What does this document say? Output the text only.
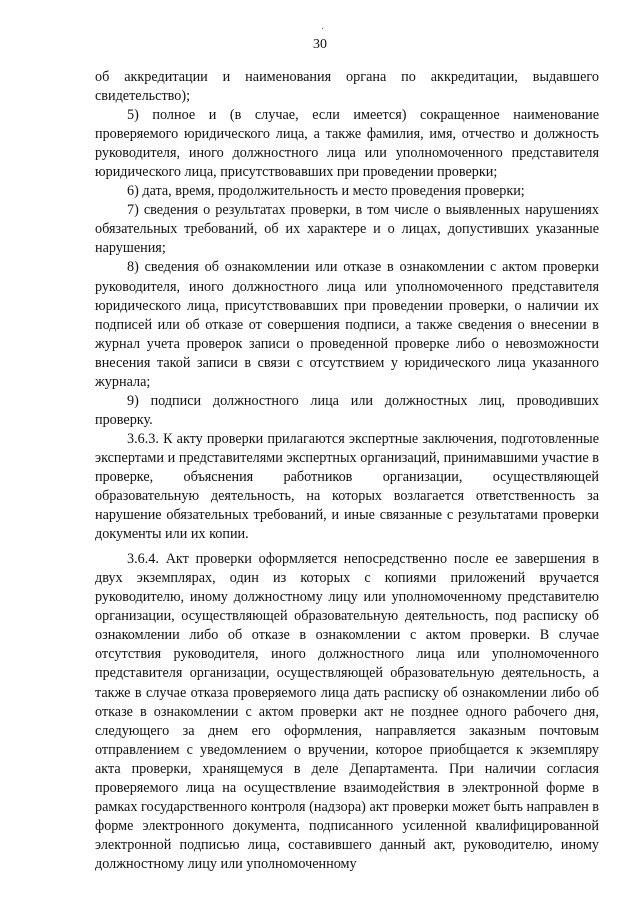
·
30

об аккредитации и наименования органа по аккредитации, выдавшего свидетельство);

5) полное и (в случае, если имеется) сокращенное наименование проверяемого юридического лица, а также фамилия, имя, отчество и должность руководителя, иного должностного лица или уполномоченного представителя юридического лица, присутствовавших при проведении проверки;

6) дата, время, продолжительность и место проведения проверки;

7) сведения о результатах проверки, в том числе о выявленных нарушениях обязательных требований, об их характере и о лицах, допустивших указанные нарушения;

8) сведения об ознакомлении или отказе в ознакомлении с актом проверки руководителя, иного должностного лица или уполномоченного представителя юридического лица, присутствовавших при проведении проверки, о наличии их подписей или об отказе от совершения подписи, а также сведения о внесении в журнал учета проверок записи о проведенной проверке либо о невозможности внесения такой записи в связи с отсутствием у юридического лица указанного журнала;

9) подписи должностного лица или должностных лиц, проводивших проверку.

3.6.3. К акту проверки прилагаются экспертные заключения, подготовленные экспертами и представителями экспертных организаций, принимавшими участие в проверке, объяснения работников организации, осуществляющей образовательную деятельность, на которых возлагается ответственность за нарушение обязательных требований, и иные связанные с результатами проверки документы или их копии.

3.6.4. Акт проверки оформляется непосредственно после ее завершения в двух экземплярах, один из которых с копиями приложений вручается руководителю, иному должностному лицу или уполномоченному представителю организации, осуществляющей образовательную деятельность, под расписку об ознакомлении либо об отказе в ознакомлении с актом проверки. В случае отсутствия руководителя, иного должностного лица или уполномоченного представителя организации, осуществляющей образовательную деятельность, а также в случае отказа проверяемого лица дать расписку об ознакомлении либо об отказе в ознакомлении с актом проверки акт не позднее одного рабочего дня, следующего за днем его оформления, направляется заказным почтовым отправлением с уведомлением о вручении, которое приобщается к экземпляру акта проверки, хранящемуся в деле Департамента. При наличии согласия проверяемого лица на осуществление взаимодействия в электронной форме в рамках государственного контроля (надзора) акт проверки может быть направлен в форме электронного документа, подписанного усиленной квалифицированной электронной подписью лица, составившего данный акт, руководителю, иному должностному лицу или уполномоченному
